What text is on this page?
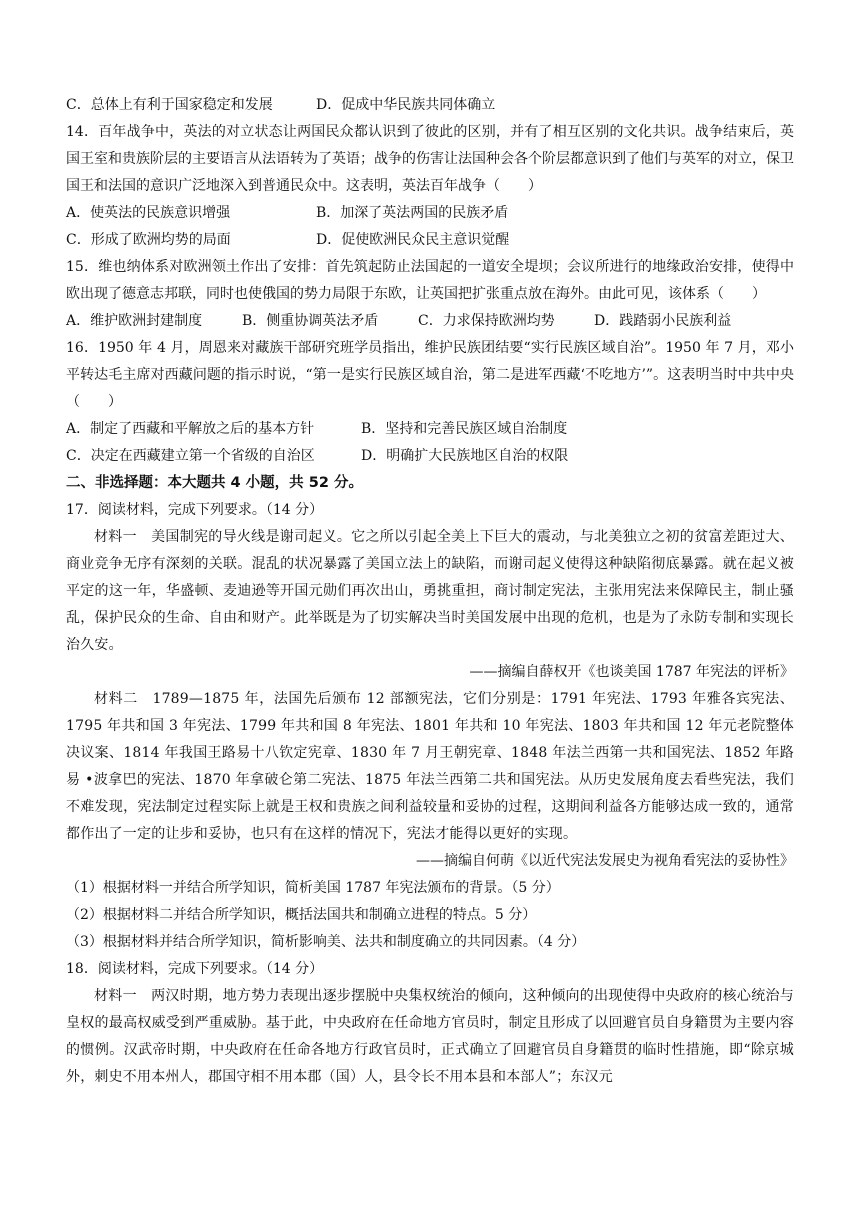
C．总体上有利于国家稳定和发展	D．促成中华民族共同体确立
14．百年战争中，英法的对立状态让两国民众都认识到了彼此的区别，并有了相互区别的文化共识。战争结束后，英国王室和贵族阶层的主要语言从法语转为了英语；战争的伤害让法国种会各个阶层都意识到了他们与英军的对立，保卫国王和法国的意识广泛地深入到普通民众中。这表明，英法百年战争（　　）
A．使英法的民族意识增强	B．加深了英法两国的民族矛盾
C．形成了欧洲均势的局面	D．促使欧洲民众民主意识觉醒
15．维也纳体系对欧洲领土作出了安排：首先筑起防止法国起的一道安全堤坝；会议所进行的地缘政治安排，使得中欧出现了德意志邦联，同时也使俄国的势力局限于东欧，让英国把扩张重点放在海外。由此可见，该体系（　　）
A．维护欧洲封建制度	B．侧重协调英法矛盾	C．力求保持欧洲均势	D．践踏弱小民族利益
16．1950 年 4 月，周恩来对藏族干部研究班学员指出，维护民族团结要“实行民族区域自治”。1950 年 7 月，邓小平转达毛主席对西藏问题的指示时说，“第一是实行民族区域自治，第二是进军西藏‘不吃地方’”。这表明当时中共中央（　　）
A．制定了西藏和平解放之后的基本方针	B．坚持和完善民族区域自治制度
C．决定在西藏建立第一个省级的自治区	D．明确扩大民族地区自治的权限
二、非选择题：本大题共 4 小题，共 52 分。
17．阅读材料，完成下列要求。（14 分）
材料一　美国制宪的导火线是谢司起义。它之所以引起全美上下巨大的震动，与北美独立之初的贫富差距过大、商业竞争无序有深刻的关联。混乱的状况暴露了美国立法上的缺陷，而谢司起义使得这种缺陷彻底暴露。就在起义被平定的这一年，华盛顿、麦迪逊等开国元勋们再次出山，勇挑重担，商讨制定宪法，主张用宪法来保障民主，制止骚乱，保护民众的生命、自由和财产。此举既是为了切实解决当时美国发展中出现的危机，也是为了永防专制和实现长治久安。
——摘编自薛权开《也谈美国 1787 年宪法的评析》
材料二　1789—1875 年，法国先后颁布 12 部额宪法，它们分别是：1791 年宪法、1793 年雅各宾宪法、1795 年共和国 3 年宪法、1799 年共和国 8 年宪法、1801 年共和 10 年宪法、1803 年共和国 12 年元老院整体决议案、1814 年我国王路易十八钦定宪章、1830 年 7 月王朝宪章、1848 年法兰西第一共和国宪法、1852 年路易 •波拿巴的宪法、1870 年拿破仑第二宪法、1875 年法兰西第二共和国宪法。从历史发展角度去看些宪法，我们不难发现，宪法制定过程实际上就是王权和贵族之间利益较量和妥协的过程，这期间利益各方能够达成一致的，通常都作出了一定的让步和妥协，也只有在这样的情况下，宪法才能得以更好的实现。
——摘编自何萌《以近代宪法发展史为视角看宪法的妥协性》
（1）根据材料一并结合所学知识，简析美国 1787 年宪法颁布的背景。（5 分）
（2）根据材料二并结合所学知识，概括法国共和制确立进程的特点。5 分）
（3）根据材料并结合所学知识，简析影响美、法共和制度确立的共同因素。（4 分）
18．阅读材料，完成下列要求。（14 分）
材料一　两汉时期，地方势力表现出逐步摆脱中央集权统治的倾向，这种倾向的出现使得中央政府的核心统治与皇权的最高权威受到严重威胁。基于此，中央政府在任命地方官员时，制定且形成了以回避官员自身籍贯为主要内容的惯例。汉武帝时期，中央政府在任命各地方行政官员时，正式确立了回避官员自身籍贯的临时性措施，即“除京城外，刺史不用本州人，郡国守相不用本郡（国）人，县令长不用本县和本部人”；东汉元
